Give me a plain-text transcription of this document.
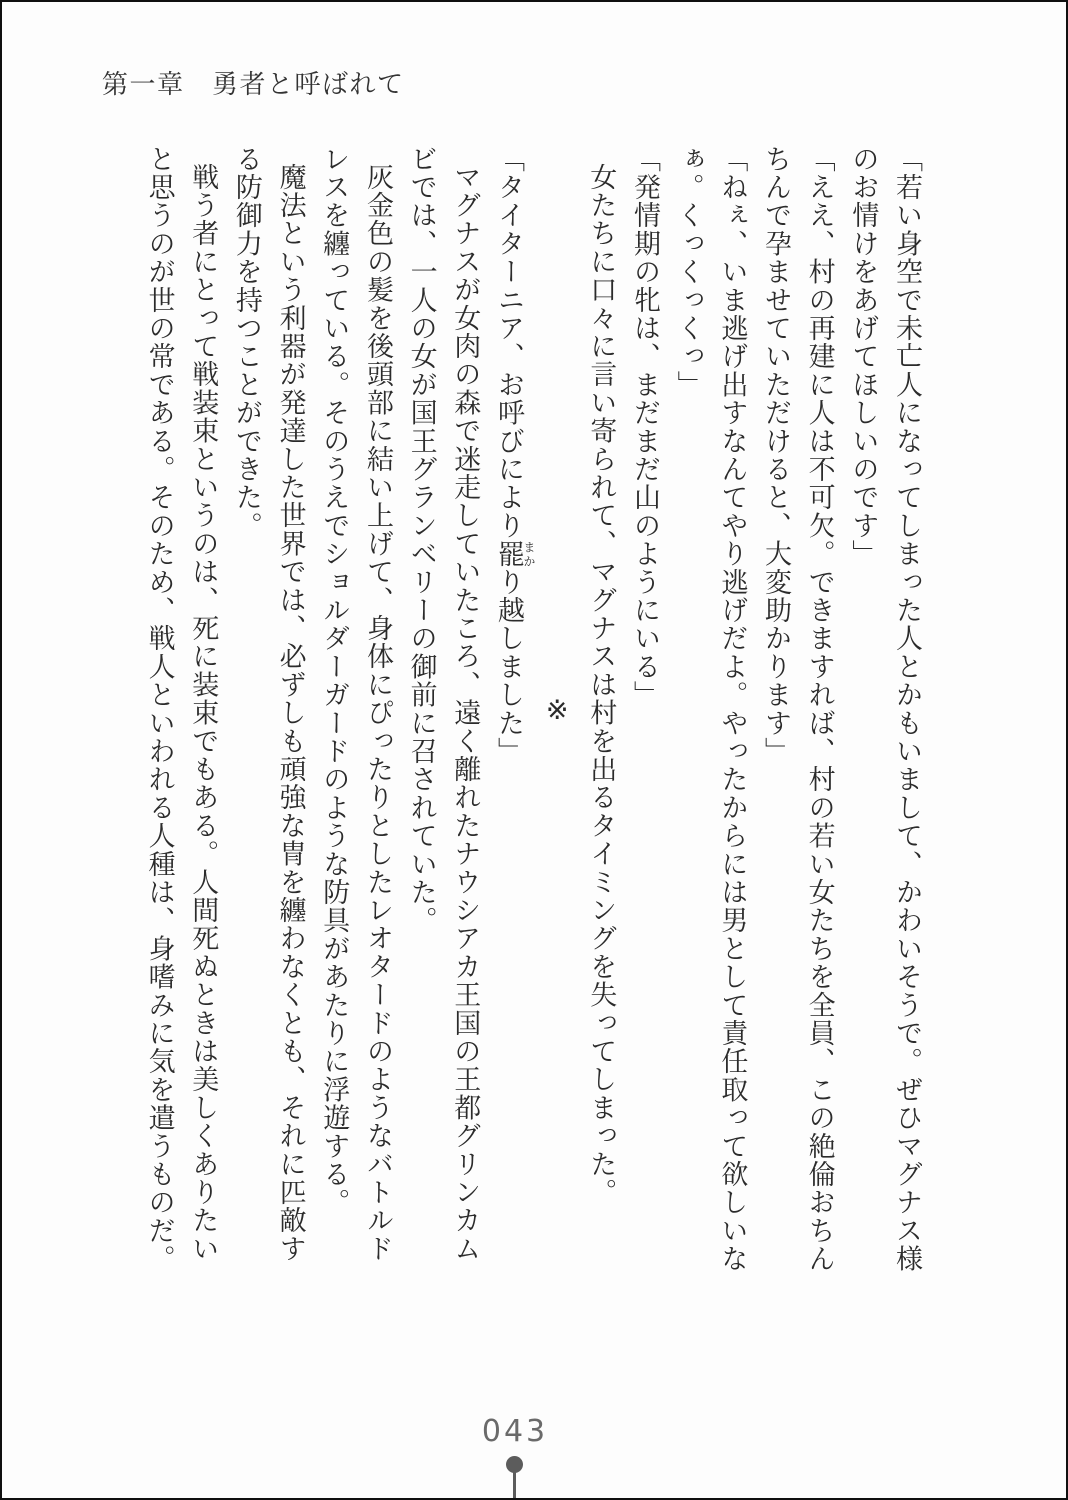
第一章　勇者と呼ばれて

「若い身空で未亡人になってしまった人とかもいまして、かわいそうで。ぜひマグナス様

のお情けをあげてほしいのです」

「ええ、村の再建に人は不可欠。できますれば、村の若い女たちを全員、この絶倫おちん

ちんで孕ませていただけると、大変助かります」

「ねぇ、いま逃げ出すなんてやり逃げだよ。やったからには男として責任取って欲しいな

ぁ。くっくっくっ」

「発情期の牝は、まだまだ山のようにいる」

女たちに口々に言い寄られて、マグナスは村を出るタイミングを失ってしまった。

※

「タイターニア、お呼びにより罷まかり越しました」

マグナスが女肉の森で迷走していたころ、遠く離れたナウシアカ王国の王都グリンカム

ビでは、一人の女が国王グランベリーの御前に召されていた。

灰金色の髪を後頭部に結い上げて、身体にぴったりとしたレオタードのようなバトルド

レスを纏っている。そのうえでショルダーガードのような防具があたりに浮遊する。

魔法という利器が発達した世界では、必ずしも頑強な冑を纏わなくとも、それに匹敵す

る防御力を持つことができた。

戦う者にとって戦装束というのは、死に装束でもある。人間死ぬときは美しくありたい

と思うのが世の常である。そのため、戦人といわれる人種は、身嗜みに気を遣うものだ。

043
